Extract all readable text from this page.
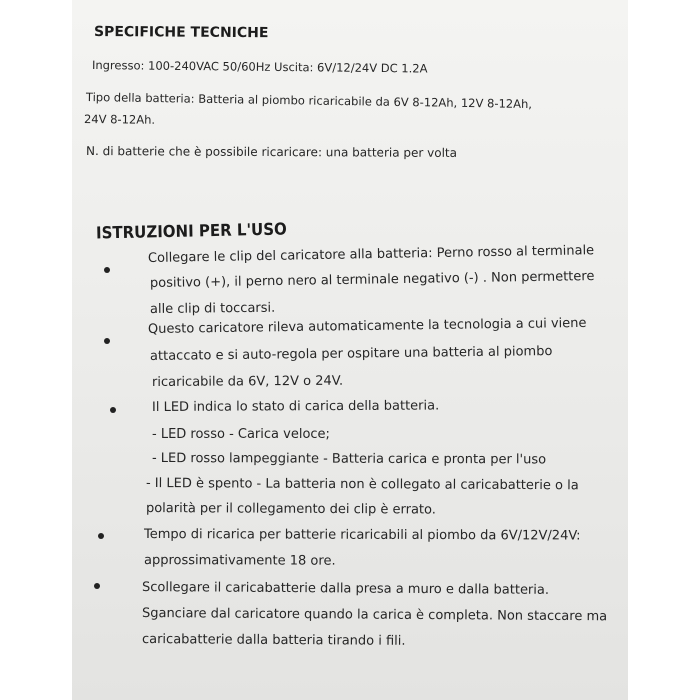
SPECIFICHE TECNICHE

Ingresso: 100-240VAC 50/60Hz Uscita: 6V/12/24V DC 1.2A

Tipo della batteria: Batteria al piombo ricaricabile da 6V 8-12Ah, 12V 8-12Ah,

24V 8-12Ah.

N. di batterie che è possibile ricaricare: una batteria per volta

ISTRUZIONI PER L'USO

Collegare le clip del caricatore alla batteria: Perno rosso al terminale

positivo (+), il perno nero al terminale negativo (-) . Non permettere

alle clip di toccarsi.

Questo caricatore rileva automaticamente la tecnologia a cui viene

attaccato e si auto-regola per ospitare una batteria al piombo

ricaricabile da 6V, 12V o 24V.

Il LED indica lo stato di carica della batteria.

- LED rosso - Carica veloce;

- LED rosso lampeggiante - Batteria carica e pronta per l'uso

- Il LED è spento - La batteria non è collegato al caricabatterie o la

polarità per il collegamento dei clip è errato.

Tempo di ricarica per batterie ricaricabili al piombo da 6V/12V/24V:

approssimativamente 18 ore.

Scollegare il caricabatterie dalla presa a muro e dalla batteria.

Sganciare dal caricatore quando la carica è completa. Non staccare ma

caricabatterie dalla batteria tirando i fili.
